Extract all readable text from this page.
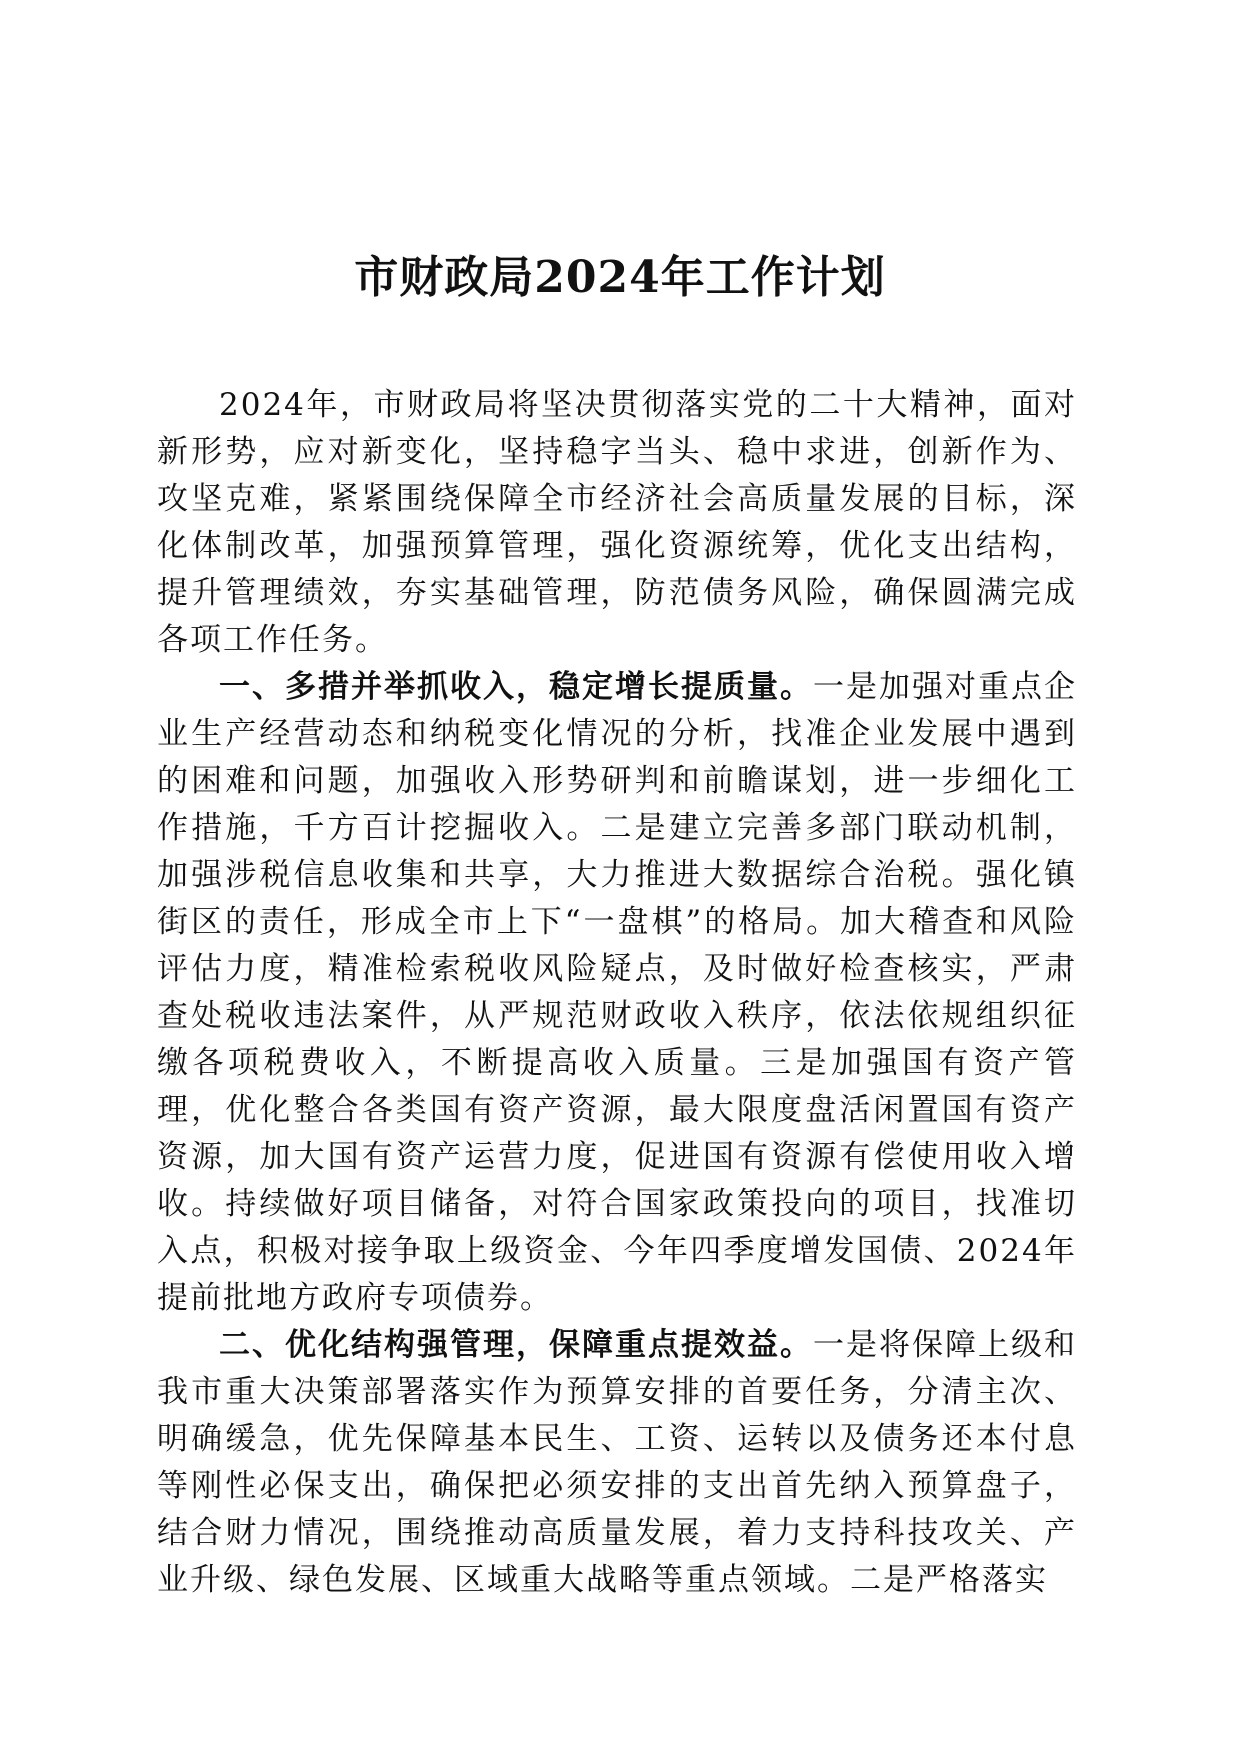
市财政局2024年工作计划

2024年，市财政局将坚决贯彻落实党的二十大精神，面对新形势，应对新变化，坚持稳字当头、稳中求进，创新作为、攻坚克难，紧紧围绕保障全市经济社会高质量发展的目标，深化体制改革，加强预算管理，强化资源统筹，优化支出结构，提升管理绩效，夯实基础管理，防范债务风险，确保圆满完成各项工作任务。

一、多措并举抓收入，稳定增长提质量。一是加强对重点企业生产经营动态和纳税变化情况的分析，找准企业发展中遇到的困难和问题，加强收入形势研判和前瞻谋划，进一步细化工作措施，千方百计挖掘收入。二是建立完善多部门联动机制，加强涉税信息收集和共享，大力推进大数据综合治税。强化镇街区的责任，形成全市上下“一盘棋”的格局。加大稽查和风险评估力度，精准检索税收风险疑点，及时做好检查核实，严肃查处税收违法案件，从严规范财政收入秩序，依法依规组织征缴各项税费收入，不断提高收入质量。三是加强国有资产管理，优化整合各类国有资产资源，最大限度盘活闲置国有资产资源，加大国有资产运营力度，促进国有资源有偿使用收入增收。持续做好项目储备，对符合国家政策投向的项目，找准切入点，积极对接争取上级资金、今年四季度增发国债、2024年提前批地方政府专项债券。

二、优化结构强管理，保障重点提效益。一是将保障上级和我市重大决策部署落实作为预算安排的首要任务，分清主次、明确缓急，优先保障基本民生、工资、运转以及债务还本付息等刚性必保支出，确保把必须安排的支出首先纳入预算盘子，结合财力情况，围绕推动高质量发展，着力支持科技攻关、产业升级、绿色发展、区域重大战略等重点领域。二是严格落实
